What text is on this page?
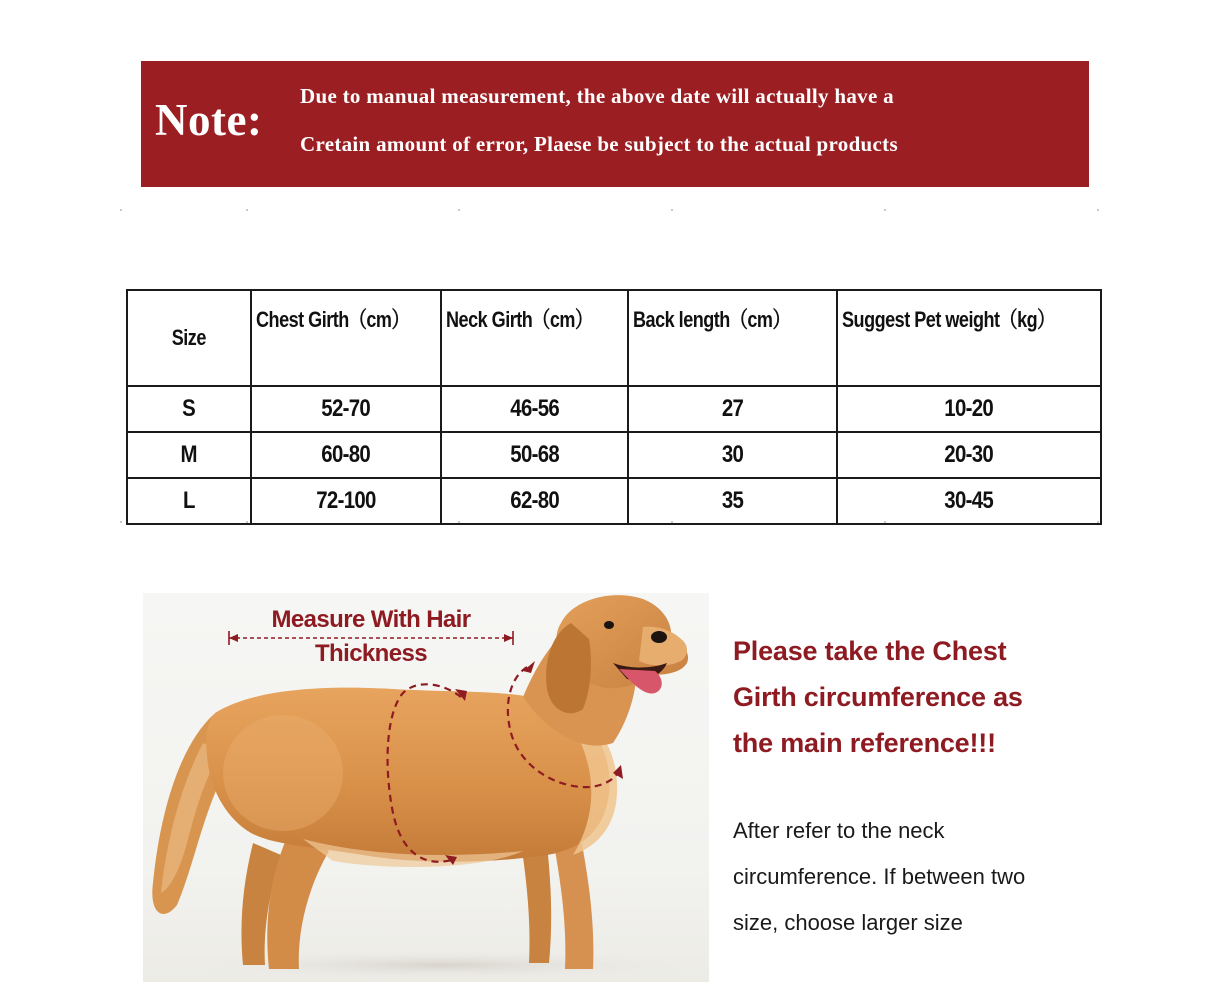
Note: Due to manual measurement, the above date will actually have a
Cretain amount of error, Plaese be subject to the actual products
Size	Chest Girth（cm）	Neck Girth（cm）	Back length（cm）	Suggest Pet weight（kg）
S	52-70	46-56	27	10-20
M	60-80	50-68	30	20-30
L	72-100	62-80	35	30-45
Measure With Hair
Thickness	Please take the Chest
Girth circumference as
the main reference!!!
After refer to the neck
circumference. If between two
size, choose larger size
